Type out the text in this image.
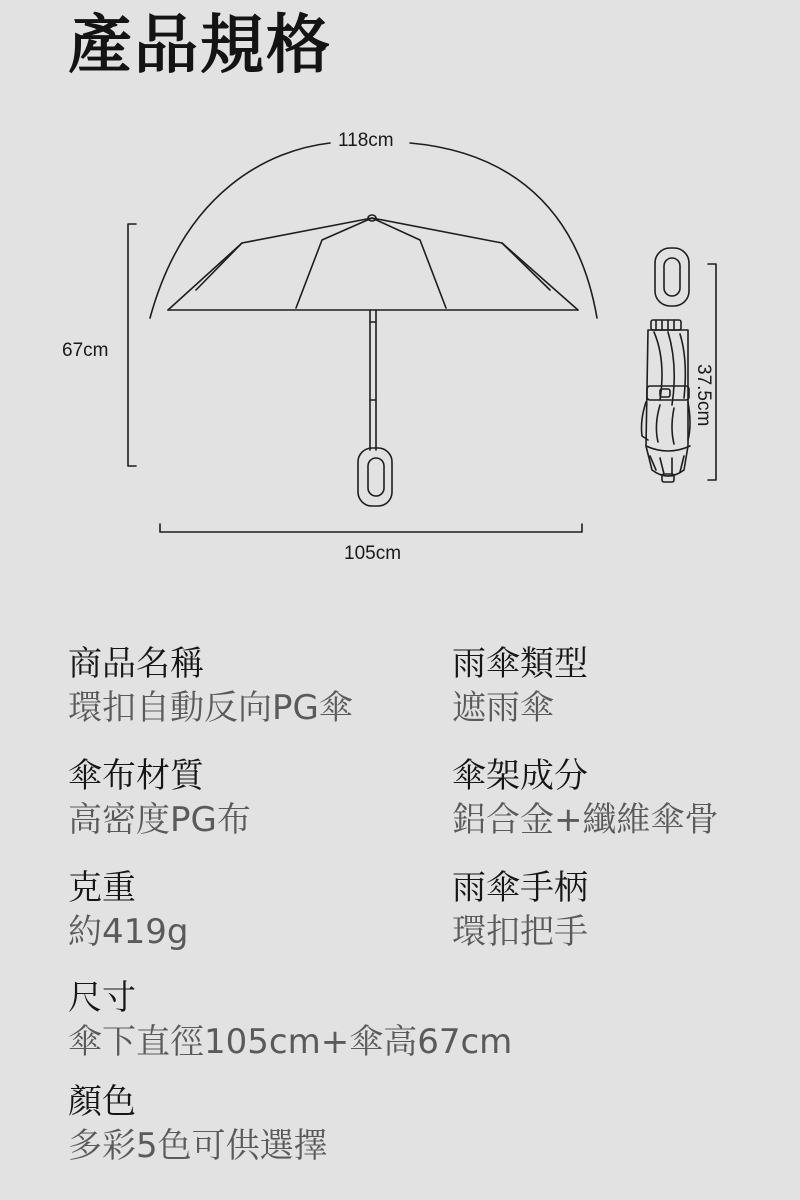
產品規格
118cm
67cm
105cm
37.5cm
商品名稱
環扣自動反向PG傘
雨傘類型
遮雨傘
傘布材質
高密度PG布
傘架成分
鋁合金+纖維傘骨
克重
約419g
雨傘手柄
環扣把手
尺寸
傘下直徑105cm+傘高67cm
顏色
多彩5色可供選擇
